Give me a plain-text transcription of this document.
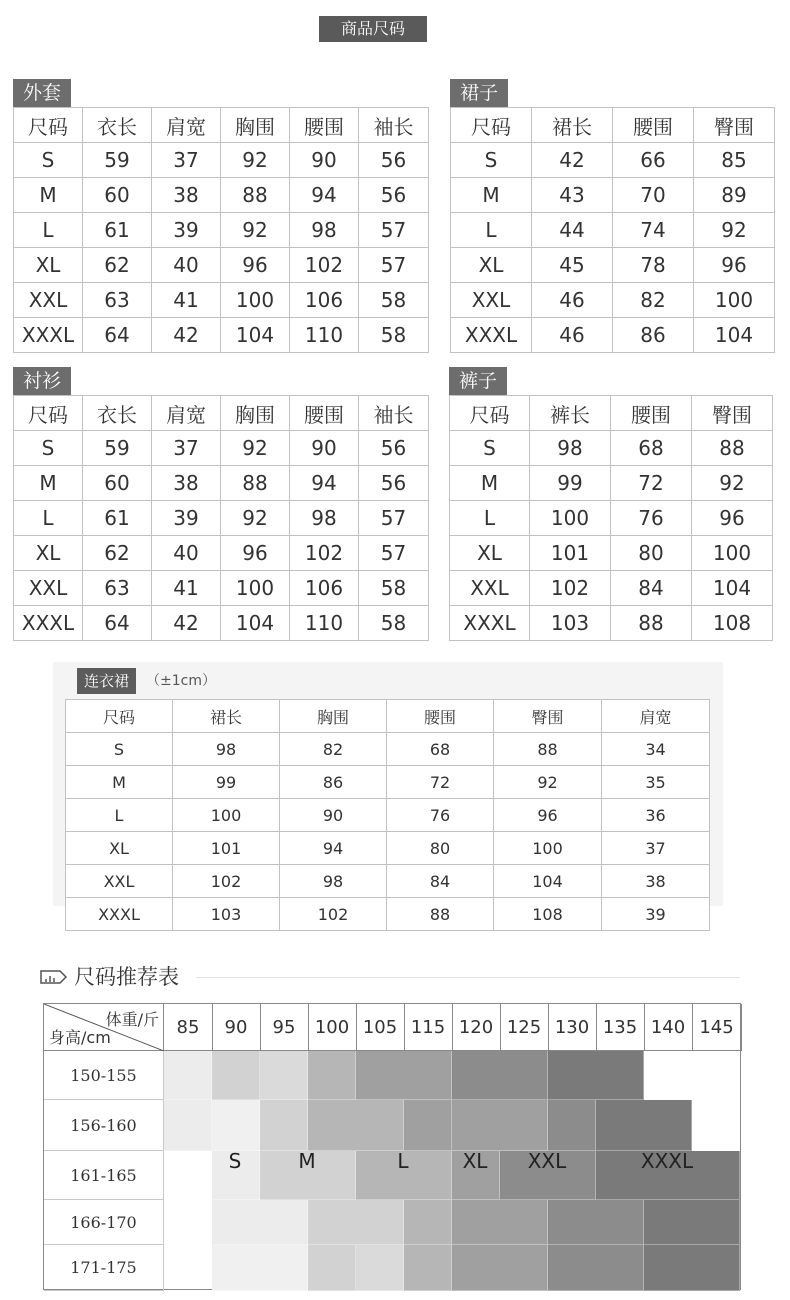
商品尺码
外套
尺码	衣长	肩宽	胸围	腰围	袖长
S	59	37	92	90	56
M	60	38	88	94	56
L	61	39	92	98	57
XL	62	40	96	102	57
XXL	63	41	100	106	58
XXXL	64	42	104	110	58
裙子
尺码	裙长	腰围	臀围
S	42	66	85
M	43	70	89
L	44	74	92
XL	45	78	96
XXL	46	82	100
XXXL	46	86	104
衬衫
尺码	衣长	肩宽	胸围	腰围	袖长
S	59	37	92	90	56
M	60	38	88	94	56
L	61	39	92	98	57
XL	62	40	96	102	57
XXL	63	41	100	106	58
XXXL	64	42	104	110	58
裤子
尺码	裤长	腰围	臀围
S	98	68	88
M	99	72	92
L	100	76	96
XL	101	80	100
XXL	102	84	104
XXXL	103	88	108
连衣裙 （±1cm）
尺码	裙长	胸围	腰围	臀围	肩宽
S	98	82	68	88	34
M	99	86	72	92	35
L	100	90	76	96	36
XL	101	94	80	100	37
XXL	102	98	84	104	38
XXXL	103	102	88	108	39
尺码推荐表
体重/斤
身高/cm	85	90	95	100 105 115 120 125 130 135 140 145
150-155
156-160
161-165
166-170
171-175
S	M	L	XL XXL	XXXL
